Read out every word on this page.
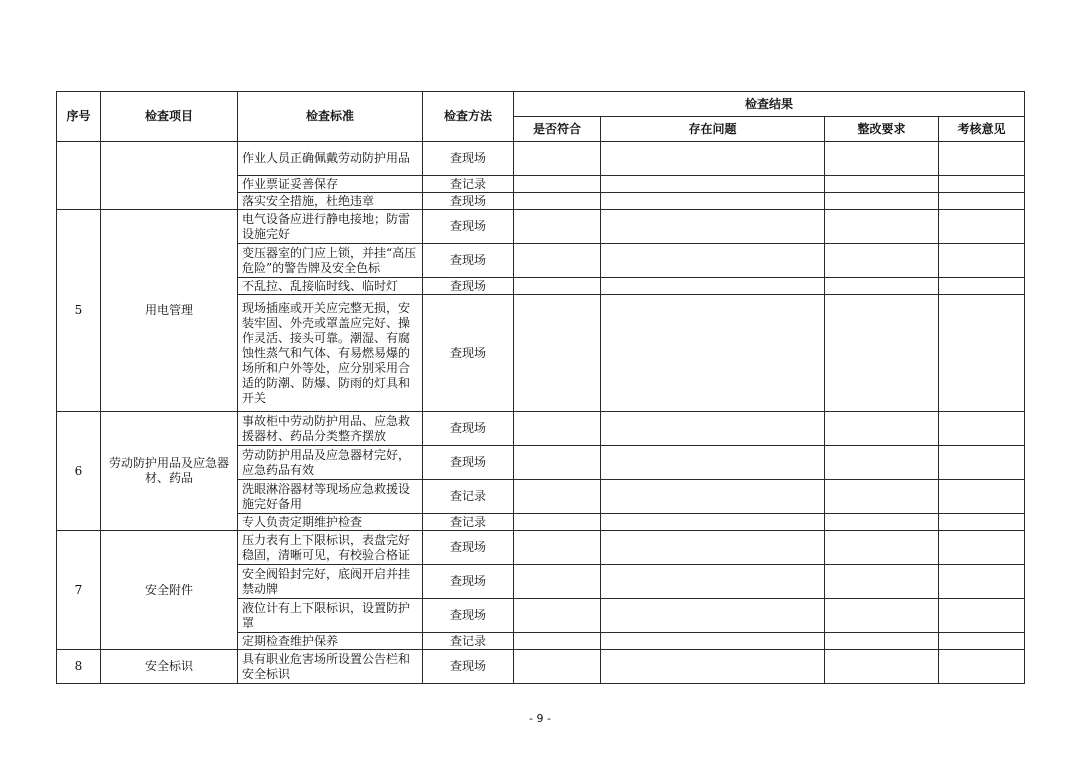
序号	检查项目	检查标准	检查方法	检查结果			
				是否符合	存在问题	整改要求	考核意见
		作业人员正确佩戴劳动防护用品	查现场				
		作业票证妥善保存	查记录				
		落实安全措施，杜绝违章	查现场				
5	用电管理	电气设备应进行静电接地；防雷设施完好	查现场				
		变压器室的门应上锁，并挂“高压危险”的警告牌及安全色标	查现场				
		不乱拉、乱接临时线、临时灯	查现场				
		现场插座或开关应完整无损，安装牢固、外壳或罩盖应完好、操作灵活、接头可靠。潮湿、有腐蚀性蒸气和气体、有易燃易爆的场所和户外等处，应分别采用合适的防潮、防爆、防雨的灯具和开关	查现场				
6	劳动防护用品及应急器材、药品	事故柜中劳动防护用品、应急救援器材、药品分类整齐摆放	查现场				
		劳动防护用品及应急器材完好，应急药品有效	查现场				
		洗眼淋浴器材等现场应急救援设施完好备用	查记录				
		专人负责定期维护检查	查记录				
7	安全附件	压力表有上下限标识，表盘完好稳固，清晰可见，有校验合格证	查现场				
		安全阀铅封完好，底阀开启并挂禁动牌	查现场				
		液位计有上下限标识，设置防护罩	查现场				
		定期检查维护保养	查记录				
8	安全标识	具有职业危害场所设置公告栏和安全标识	查现场				
- 9 -
